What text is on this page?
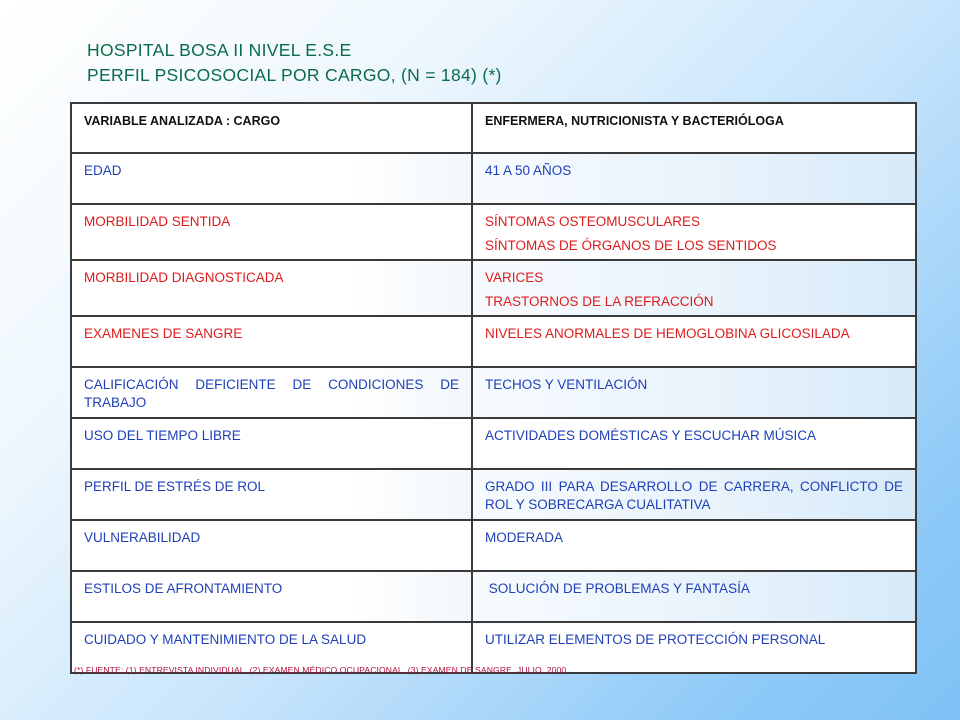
HOSPITAL BOSA II NIVEL E.S.E
PERFIL PSICOSOCIAL POR CARGO, (N = 184) (*)
VARIABLE ANALIZADA : CARGO	ENFERMERA, NUTRICIONISTA Y BACTERIÓLOGA
EDAD	41 A 50 AÑOS
MORBILIDAD SENTIDA	SÍNTOMAS OSTEOMUSCULARES
SÍNTOMAS DE ÓRGANOS DE LOS SENTIDOS

MORBILIDAD DIAGNOSTICADA	VARICES
TRASTORNOS DE LA REFRACCIÓN

EXAMENES DE SANGRE	NIVELES ANORMALES DE HEMOGLOBINA GLICOSILADA
CALIFICACIÓN DEFICIENTE DE CONDICIONES DE TRABAJO	TECHOS Y VENTILACIÓN
USO DEL TIEMPO LIBRE	ACTIVIDADES DOMÉSTICAS Y ESCUCHAR MÚSICA
PERFIL DE ESTRÉS DE ROL	GRADO III PARA DESARROLLO DE CARRERA, CONFLICTO DE ROL Y SOBRECARGA CUALITATIVA
VULNERABILIDAD	MODERADA
ESTILOS DE AFRONTAMIENTO	SOLUCIÓN DE PROBLEMAS Y FANTASÍA
CUIDADO Y MANTENIMIENTO DE LA SALUD	UTILIZAR ELEMENTOS DE PROTECCIÓN PERSONAL
(*) FUENTE: (1) ENTREVISTA INDIVIDUAL, (2) EXAMEN MÉDICO OCUPACIONAL, (3) EXAMEN DE SANGRE, JULIO, 2000.
